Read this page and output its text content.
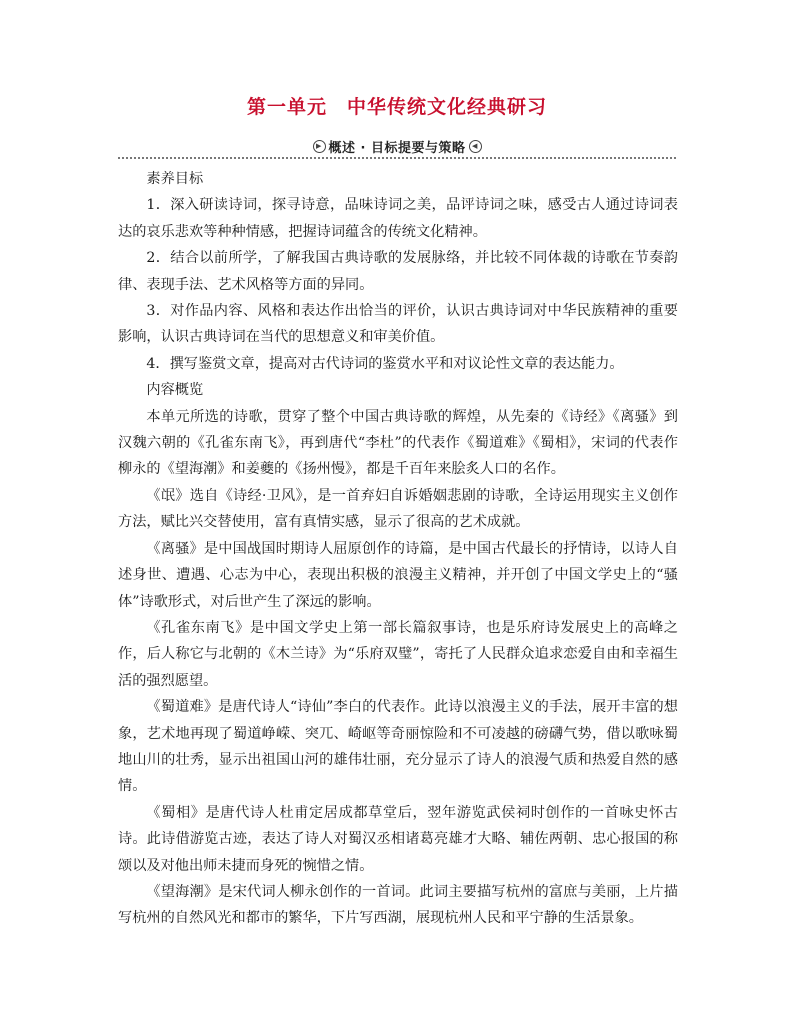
第一单元　中华传统文化经典研习
▶ 概述 · 目标提要与策略 ◀

素养目标

1．深入研读诗词，探寻诗意，品味诗词之美，品评诗词之味，感受古人通过诗词表达的哀乐悲欢等种种情感，把握诗词蕴含的传统文化精神。

2．结合以前所学，了解我国古典诗歌的发展脉络，并比较不同体裁的诗歌在节奏韵律、表现手法、艺术风格等方面的异同。

3．对作品内容、风格和表达作出恰当的评价，认识古典诗词对中华民族精神的重要影响，认识古典诗词在当代的思想意义和审美价值。

4．撰写鉴赏文章，提高对古代诗词的鉴赏水平和对议论性文章的表达能力。

内容概览

本单元所选的诗歌，贯穿了整个中国古典诗歌的辉煌，从先秦的《诗经》《离骚》到汉魏六朝的《孔雀东南飞》，再到唐代“李杜”的代表作《蜀道难》《蜀相》，宋词的代表作柳永的《望海潮》和姜夔的《扬州慢》，都是千百年来脍炙人口的名作。

《氓》选自《诗经·卫风》，是一首弃妇自诉婚姻悲剧的诗歌，全诗运用现实主义创作方法，赋比兴交替使用，富有真情实感，显示了很高的艺术成就。

《离骚》是中国战国时期诗人屈原创作的诗篇，是中国古代最长的抒情诗，以诗人自述身世、遭遇、心志为中心，表现出积极的浪漫主义精神，并开创了中国文学史上的“骚体”诗歌形式，对后世产生了深远的影响。

《孔雀东南飞》是中国文学史上第一部长篇叙事诗，也是乐府诗发展史上的高峰之作，后人称它与北朝的《木兰诗》为“乐府双璧”，寄托了人民群众追求恋爱自由和幸福生活的强烈愿望。

《蜀道难》是唐代诗人“诗仙”李白的代表作。此诗以浪漫主义的手法，展开丰富的想象，艺术地再现了蜀道峥嵘、突兀、崎岖等奇丽惊险和不可凌越的磅礴气势，借以歌咏蜀地山川的壮秀，显示出祖国山河的雄伟壮丽，充分显示了诗人的浪漫气质和热爱自然的感情。

《蜀相》是唐代诗人杜甫定居成都草堂后，翌年游览武侯祠时创作的一首咏史怀古诗。此诗借游览古迹，表达了诗人对蜀汉丞相诸葛亮雄才大略、辅佐两朝、忠心报国的称颂以及对他出师未捷而身死的惋惜之情。

《望海潮》是宋代词人柳永创作的一首词。此词主要描写杭州的富庶与美丽，上片描写杭州的自然风光和都市的繁华，下片写西湖，展现杭州人民和平宁静的生活景象。
